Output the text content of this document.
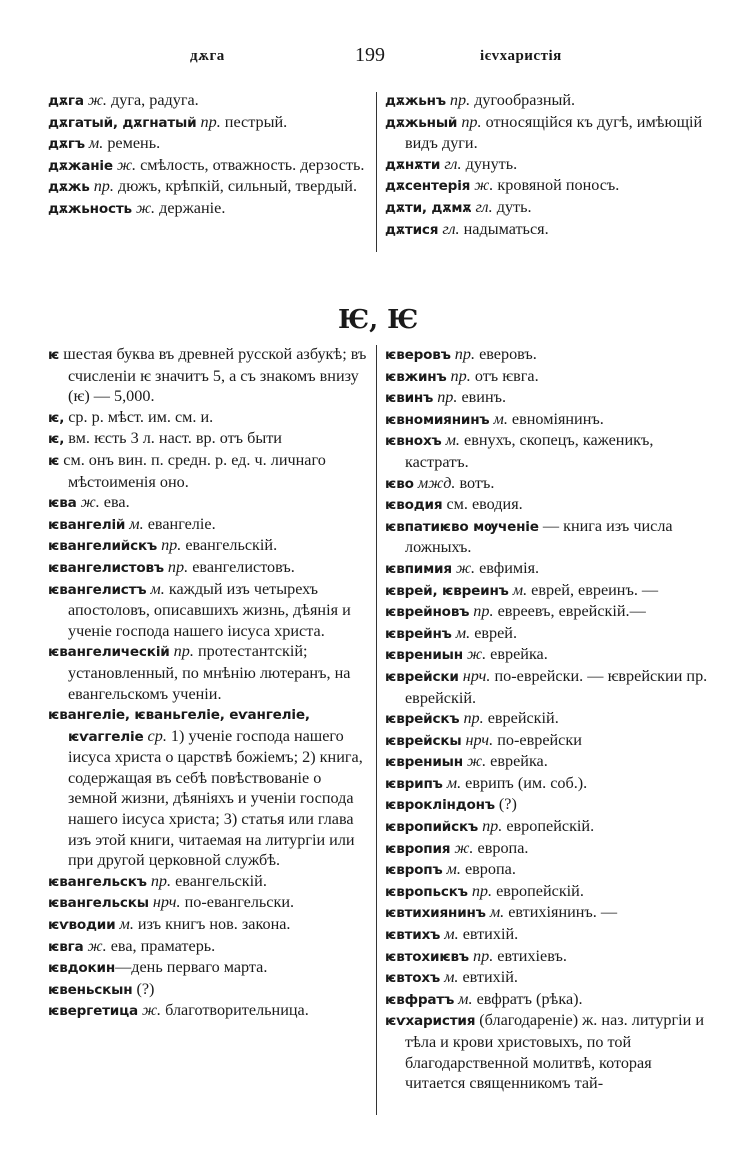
дѫга	199	ієvхаристія
дѫга ж. дуга, радуга.
дѫгатый, дѫгнатый пр. пестрый.
дѫгъ м. ремень.
дѫжаніе ж. смѣлость, отважность. дерзость.
дѫжь пр. дюжъ, крѣпкій, сильный, твердый.
дѫжьность ж. держаніе.
дѫжьнъ пр. дугообразный.
дѫжьный пр. относящійся къ дугѣ, имѣющій видъ дуги.
дѫнѫти гл. дунуть.
дѫсентерія ж. кровяной поносъ.
дѫти, дѫмѫ гл. дуть.
дѫтися гл. надыматься.
Ѥ, Ѥ
ѥ шестая буква въ древней русской азбукѣ; въ счисленіи ѥ значитъ 5, а съ знакомъ внизу (ѥ) — 5,000.
ѥ, ср. р. мѣст. им. см. и.
ѥ, вм. ѥсть 3 л. наст. вр. отъ быти
ѥ см. онъ вин. п. средн. р. ед. ч. личнаго мѣстоименія оно.
ѥва ж. ева.
ѥвангелій м. евангеліе.
ѥвангелийскъ пр. евангельскій.
ѥвангелистовъ пр. евангелистовъ.
ѥвангелистъ м. каждый изъ четырехъ апостоловъ, описавшихъ жизнь, дѣянія и ученіе господа нашего іисуса христа.
ѥвангелическій пр. протестантскій; установленный, по мнѣнію лютеранъ, на евангельскомъ ученіи.
ѥвангеліе, ѥваньгеліе, еѵангеліе, ѥѵаггеліе ср. 1) ученіе господа нашего іисуса христа о царствѣ божіемъ; 2) книга, содержащая въ себѣ повѣствованіе о земной жизни, дѣяніяхъ и ученіи господа нашего іисуса христа; 3) статья или глава изъ этой книги, читаемая на литургіи или при другой церковной службѣ.
ѥвангельскъ пр. евангельскій.
ѥвангельскы нрч. по-евангельски.
ѥѵводии м. изъ книгъ нов. закона.
ѥвга ж. ева, праматерь.
ѥвдокин—день перваго марта.
ѥвеньскын (?)
ѥвергетица ж. благотворительница.
ѥверовъ пр. еверовъ.
ѥвжинъ пр. отъ ѥвга.
ѥвинъ пр. евинъ.
ѥвномиянинъ м. евноміянинъ.
ѥвнохъ м. евнухъ, скопецъ, каженикъ, кастратъ.
ѥво мжд. вотъ.
ѥводия см. еводия.
ѥвпатиѥво мѹченіе — книга изъ числа ложныхъ.
ѥвпимия ж. евфимія.
ѥврей, ѥвреинъ м. еврей, евреинъ. —
ѥврейновъ пр. евреевъ, еврейскій.—
ѥврейнъ м. еврей.
ѥврениын ж. еврейка.
ѥврейски нрч. по-еврейски. — ѥврейскии пр. еврейскій.
ѥврейскъ пр. еврейскій.
ѥврейскы нрч. по-еврейски
ѥврениын ж. еврейка.
ѥврипъ м. еврипъ (им. соб.).
ѥврокліндонъ (?)
ѥвропийскъ пр. европейскій.
ѥвропия ж. европа.
ѥвропъ м. европа.
ѥвропьскъ пр. европейскій.
ѥвтихиянинъ м. евтихіянинъ. —
ѥвтихъ м. евтихій.
ѥвтохиѥвъ пр. евтихіевъ.
ѥвтохъ м. евтихій.
ѥвфратъ м. евфратъ (рѣка).
ѥѵхаристия (благодареніе) ж. наз. литургіи и тѣла и крови христовыхъ, по той благодарственной молитвѣ, которая читается священникомъ тай-
